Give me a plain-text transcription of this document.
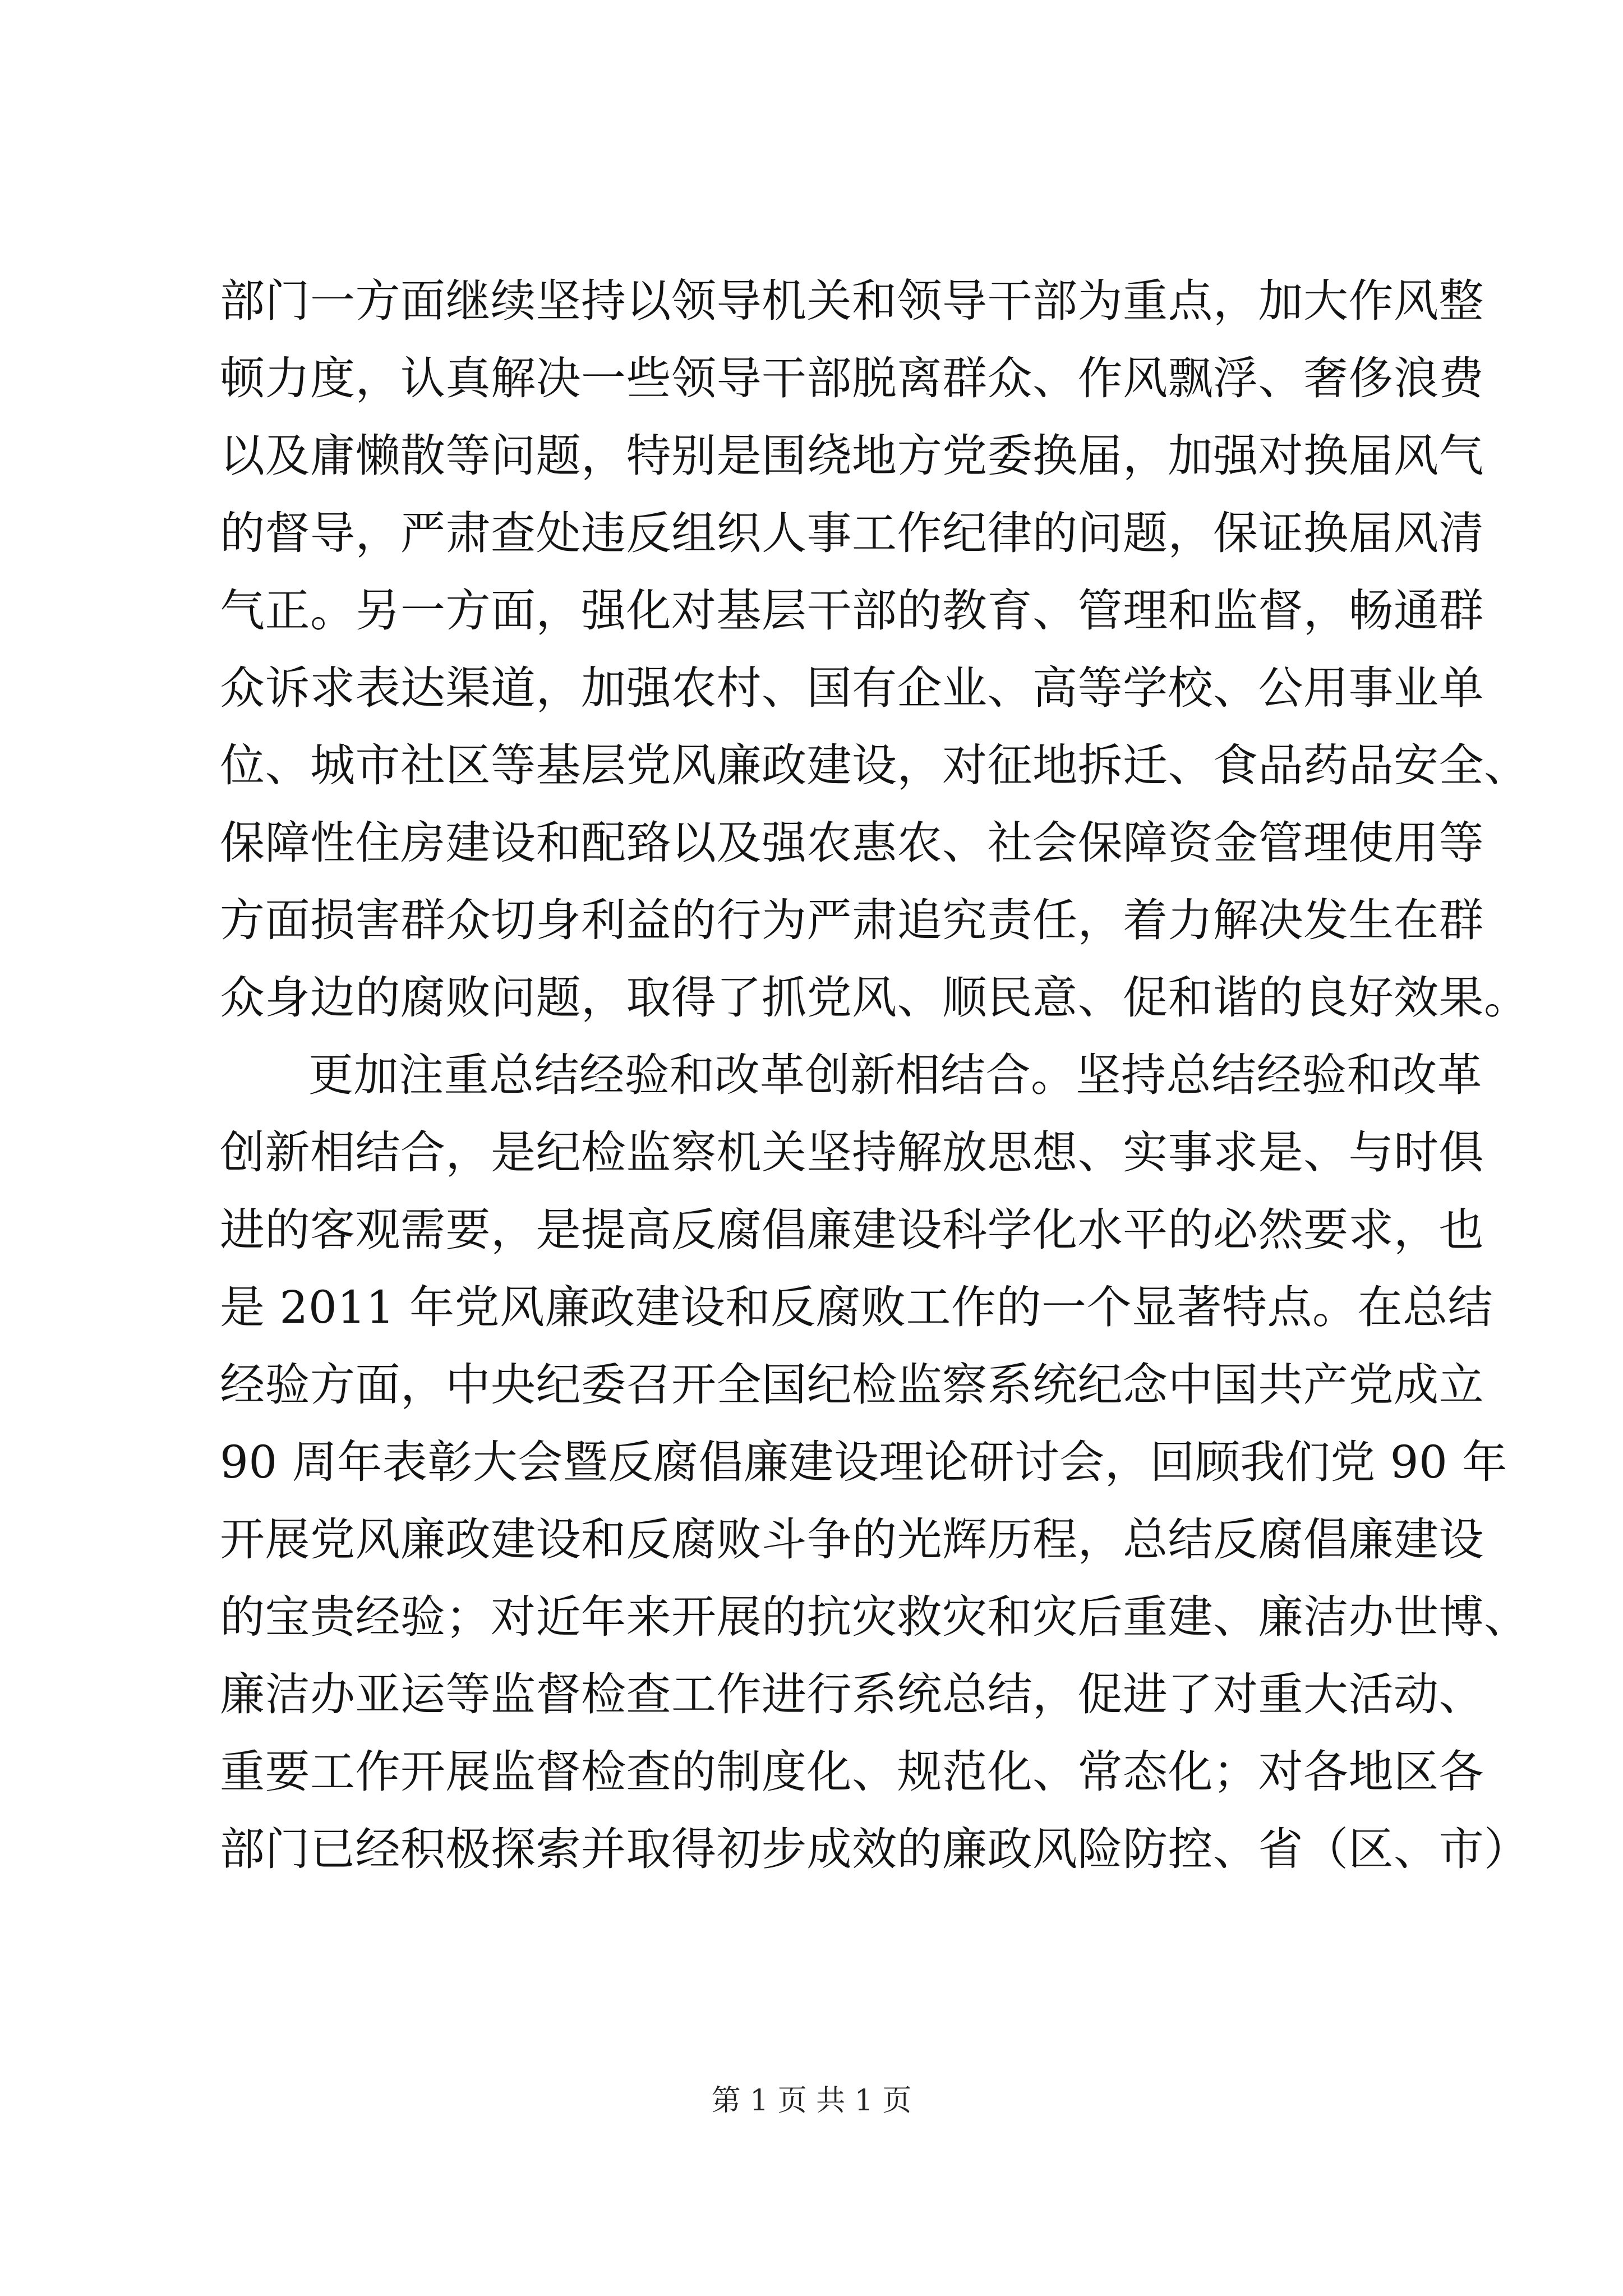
部门一方面继续坚持以领导机关和领导干部为重点，加大作风整
顿力度，认真解决一些领导干部脱离群众、作风飘浮、奢侈浪费
以及庸懒散等问题，特别是围绕地方党委换届，加强对换届风气
的督导，严肃查处违反组织人事工作纪律的问题，保证换届风清
气正。另一方面，强化对基层干部的教育、管理和监督，畅通群
众诉求表达渠道，加强农村、国有企业、高等学校、公用事业单
位、城市社区等基层党风廉政建设，对征地拆迁、食品药品安全、
保障性住房建设和配臵以及强农惠农、社会保障资金管理使用等
方面损害群众切身利益的行为严肃追究责任，着力解决发生在群
众身边的腐败问题，取得了抓党风、顺民意、促和谐的良好效果。
更加注重总结经验和改革创新相结合。坚持总结经验和改革
创新相结合，是纪检监察机关坚持解放思想、实事求是、与时俱
进的客观需要，是提高反腐倡廉建设科学化水平的必然要求，也
是 2011 年党风廉政建设和反腐败工作的一个显著特点。在总结
经验方面，中央纪委召开全国纪检监察系统纪念中国共产党成立
90 周年表彰大会暨反腐倡廉建设理论研讨会，回顾我们党 90 年
开展党风廉政建设和反腐败斗争的光辉历程，总结反腐倡廉建设
的宝贵经验；对近年来开展的抗灾救灾和灾后重建、廉洁办世博、
廉洁办亚运等监督检查工作进行系统总结，促进了对重大活动、
重要工作开展监督检查的制度化、规范化、常态化；对各地区各
部门已经积极探索并取得初步成效的廉政风险防控、省（区、市）
第 1 页 共 1 页
